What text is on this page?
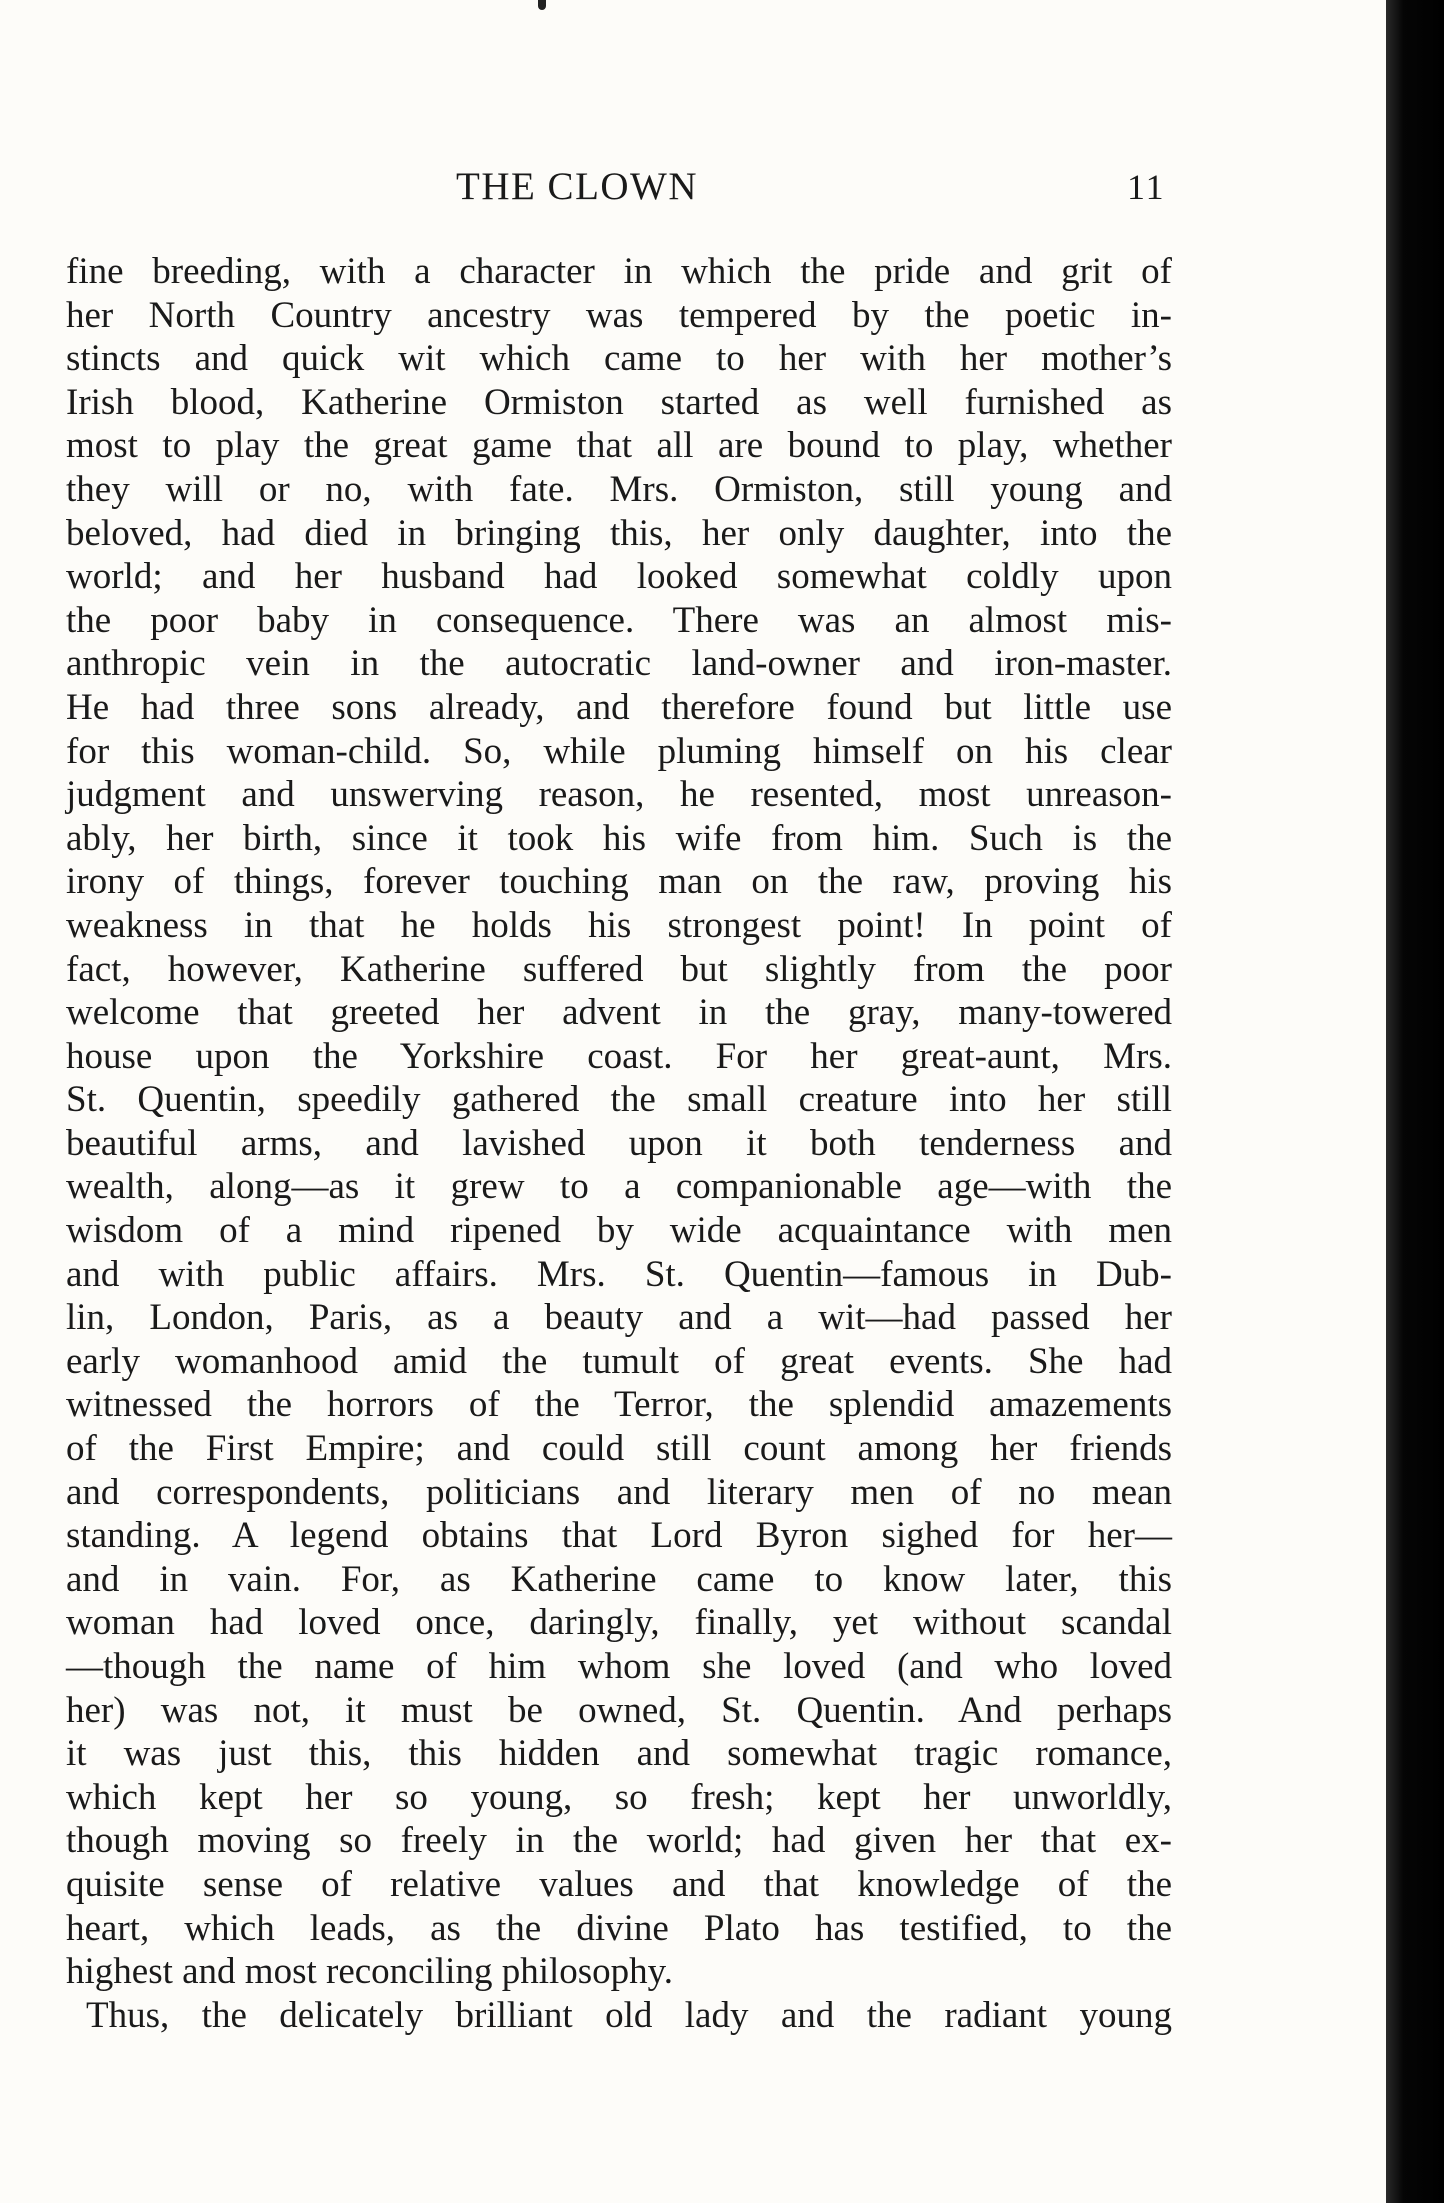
THE CLOWN	11
fine breeding, with a character in which the pride and grit of
her North Country ancestry was tempered by the poetic in-
stincts and quick wit which came to her with her mother’s
Irish blood, Katherine Ormiston started as well furnished as
most to play the great game that all are bound to play, whether
they will or no, with fate. Mrs. Ormiston, still young and
beloved, had died in bringing this, her only daughter, into the
world; and her husband had looked somewhat coldly upon
the poor baby in consequence. There was an almost mis-
anthropic vein in the autocratic land-owner and iron-master.
He had three sons already, and therefore found but little use
for this woman-child. So, while pluming himself on his clear
judgment and unswerving reason, he resented, most unreason-
ably, her birth, since it took his wife from him. Such is the
irony of things, forever touching man on the raw, proving his
weakness in that he holds his strongest point! In point of
fact, however, Katherine suffered but slightly from the poor
welcome that greeted her advent in the gray, many-towered
house upon the Yorkshire coast. For her great-aunt, Mrs.
St. Quentin, speedily gathered the small creature into her still
beautiful arms, and lavished upon it both tenderness and
wealth, along—as it grew to a companionable age—with the
wisdom of a mind ripened by wide acquaintance with men
and with public affairs. Mrs. St. Quentin—famous in Dub-
lin, London, Paris, as a beauty and a wit—had passed her
early womanhood amid the tumult of great events. She had
witnessed the horrors of the Terror, the splendid amazements
of the First Empire; and could still count among her friends
and correspondents, politicians and literary men of no mean
standing. A legend obtains that Lord Byron sighed for her—
and in vain. For, as Katherine came to know later, this
woman had loved once, daringly, finally, yet without scandal
—though the name of him whom she loved (and who loved
her) was not, it must be owned, St. Quentin. And perhaps
it was just this, this hidden and somewhat tragic romance,
which kept her so young, so fresh; kept her unworldly,
though moving so freely in the world; had given her that ex-
quisite sense of relative values and that knowledge of the
heart, which leads, as the divine Plato has testified, to the
highest and most reconciling philosophy.
Thus, the delicately brilliant old lady and the radiant young
